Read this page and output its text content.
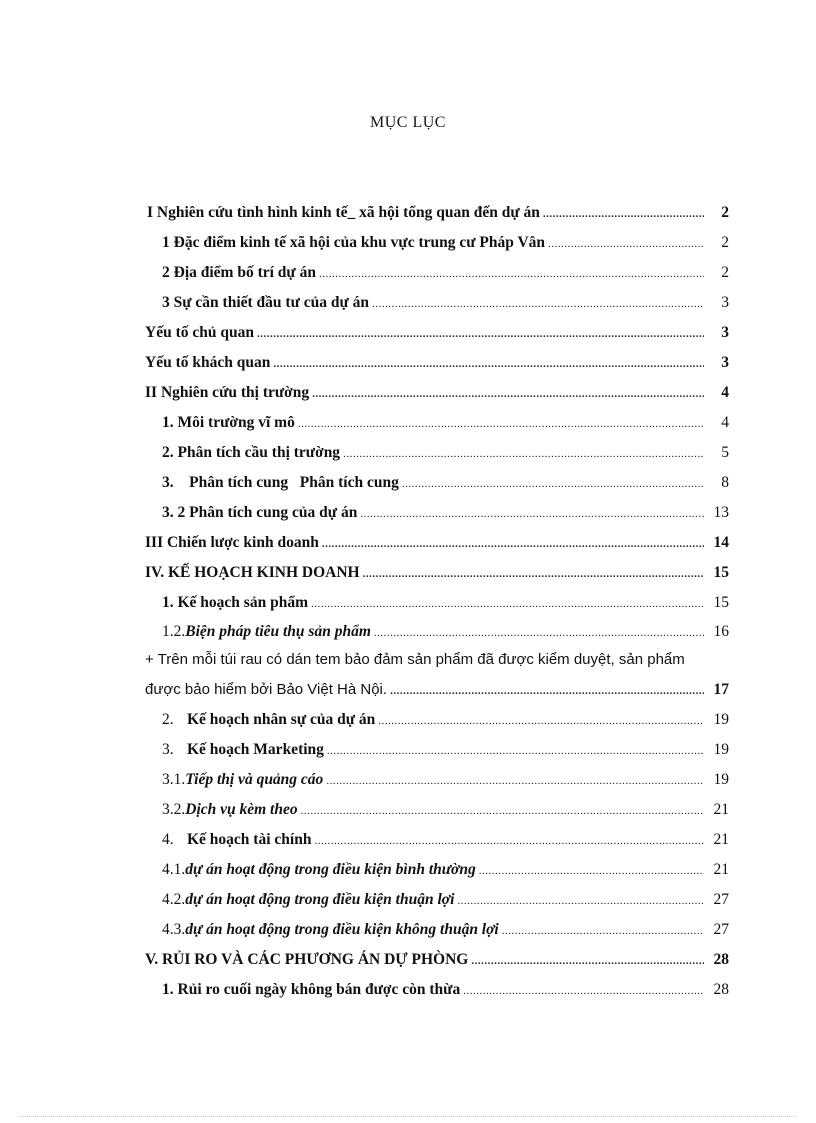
MỤC LỤC
I Nghiên cứu tình hình kinh tế_ xã hội tổng quan đến dự án .....	2
1 Đặc điểm kinh tế xã hội của khu vực trung cư Pháp Vân .....	2
2 Địa điểm bố trí dự án .....	2
3 Sự cần thiết đầu tư của dự án .....	3
Yếu tố chủ quan .....	3
Yếu tố khách quan .....	3
II Nghiên cứu thị trường .....	4
1. Môi trường vĩ mô .....	4
2. Phân tích cầu thị trường .....	5
3.    Phân tích cung   Phân tích cung .....	8
3. 2 Phân tích cung của dự án .....	13
III Chiến lược kinh doanh .....	14
IV. KẾ HOẠCH KINH DOANH .....	15
1. Kế hoạch sản phẩm .....	15
1.2.Biện pháp tiêu thụ sản phẩm .....	16
+ Trên mỗi túi rau có dán tem bảo đảm sản phẩm đã được kiểm duyệt, sản phẩm
được bảo hiểm bởi Bảo Việt Hà Nội. .....	17
2. Kế hoạch nhân sự của dự án .....	19
3. Kế hoạch Marketing .....	19
3.1.Tiếp thị và quảng cáo .....	19
3.2.Dịch vụ kèm theo .....	21
4. Kế hoạch tài chính .....	21
4.1.dự án hoạt động trong điều kiện bình thường .....	21
4.2.dự án hoạt động trong điều kiện thuận lợi .....	27
4.3.dự án hoạt động trong điều kiện không thuận lợi .....	27
V. RỦI RO VÀ CÁC PHƯƠNG ÁN DỰ PHÒNG .....	28
1. Rủi ro cuối ngày không bán được còn thừa .....	28
